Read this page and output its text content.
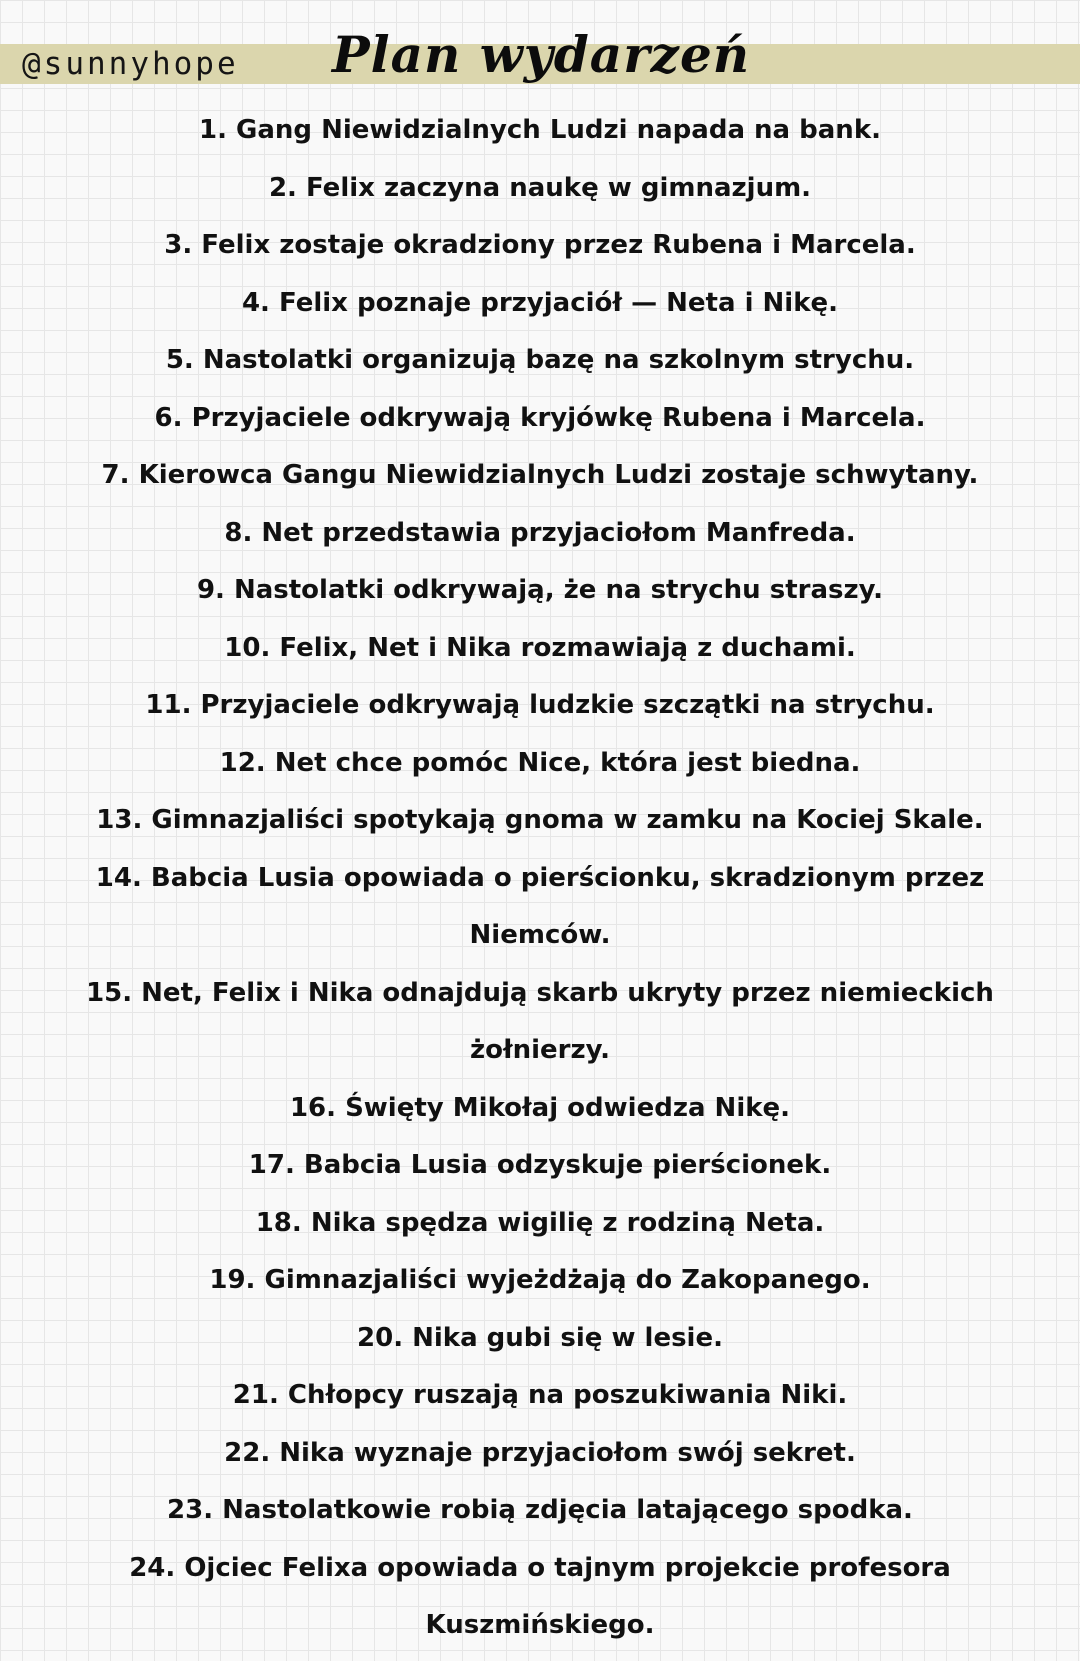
@sunnyhope Plan wydarzeń
1. Gang Niewidzialnych Ludzi napada na bank.
2. Felix zaczyna naukę w gimnazjum.
3. Felix zostaje okradziony przez Rubena i Marcela.
4. Felix poznaje przyjaciół — Neta i Nikę.
5. Nastolatki organizują bazę na szkolnym strychu.
6. Przyjaciele odkrywają kryjówkę Rubena i Marcela.
7. Kierowca Gangu Niewidzialnych Ludzi zostaje schwytany.
8. Net przedstawia przyjaciołom Manfreda.
9. Nastolatki odkrywają, że na strychu straszy.
10. Felix, Net i Nika rozmawiają z duchami.
11. Przyjaciele odkrywają ludzkie szczątki na strychu.
12. Net chce pomóc Nice, która jest biedna.
13. Gimnazjaliści spotykają gnoma w zamku na Kociej Skale.
14. Babcia Lusia opowiada o pierścionku, skradzionym przez Niemców.
15. Net, Felix i Nika odnajdują skarb ukryty przez niemieckich żołnierzy.
16. Święty Mikołaj odwiedza Nikę.
17. Babcia Lusia odzyskuje pierścionek.
18. Nika spędza wigilię z rodziną Neta.
19. Gimnazjaliści wyjeżdżają do Zakopanego.
20. Nika gubi się w lesie.
21. Chłopcy ruszają na poszukiwania Niki.
22. Nika wyznaje przyjaciołom swój sekret.
23. Nastolatkowie robią zdjęcia latającego spodka.
24. Ojciec Felixa opowiada o tajnym projekcie profesora Kuszmińskiego.
